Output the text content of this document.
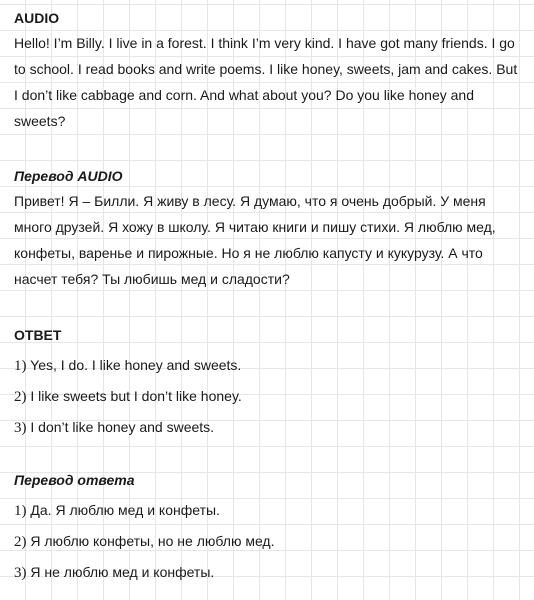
AUDIO

Hello! I’m Billy. I live in a forest. I think I’m very kind. I have got many friends. I go to school. I read books and write poems. I like honey, sweets, jam and cakes. But I don’t like cabbage and corn. And what about you? Do you like honey and sweets?

Перевод AUDIO

Привет! Я – Билли. Я живу в лесу. Я думаю, что я очень добрый. У меня много друзей. Я хожу в школу. Я читаю книги и пишу стихи. Я люблю мед, конфеты, варенье и пирожные. Но я не люблю капусту и кукурузу. А что насчет тебя? Ты любишь мед и сладости?

ОТВЕТ

1) Yes, I do. I like honey and sweets.

2) I like sweets but I don’t like honey.

3) I don’t like honey and sweets.

Перевод ответа

1) Да. Я люблю мед и конфеты.

2) Я люблю конфеты, но не люблю мед.

3) Я не люблю мед и конфеты.
